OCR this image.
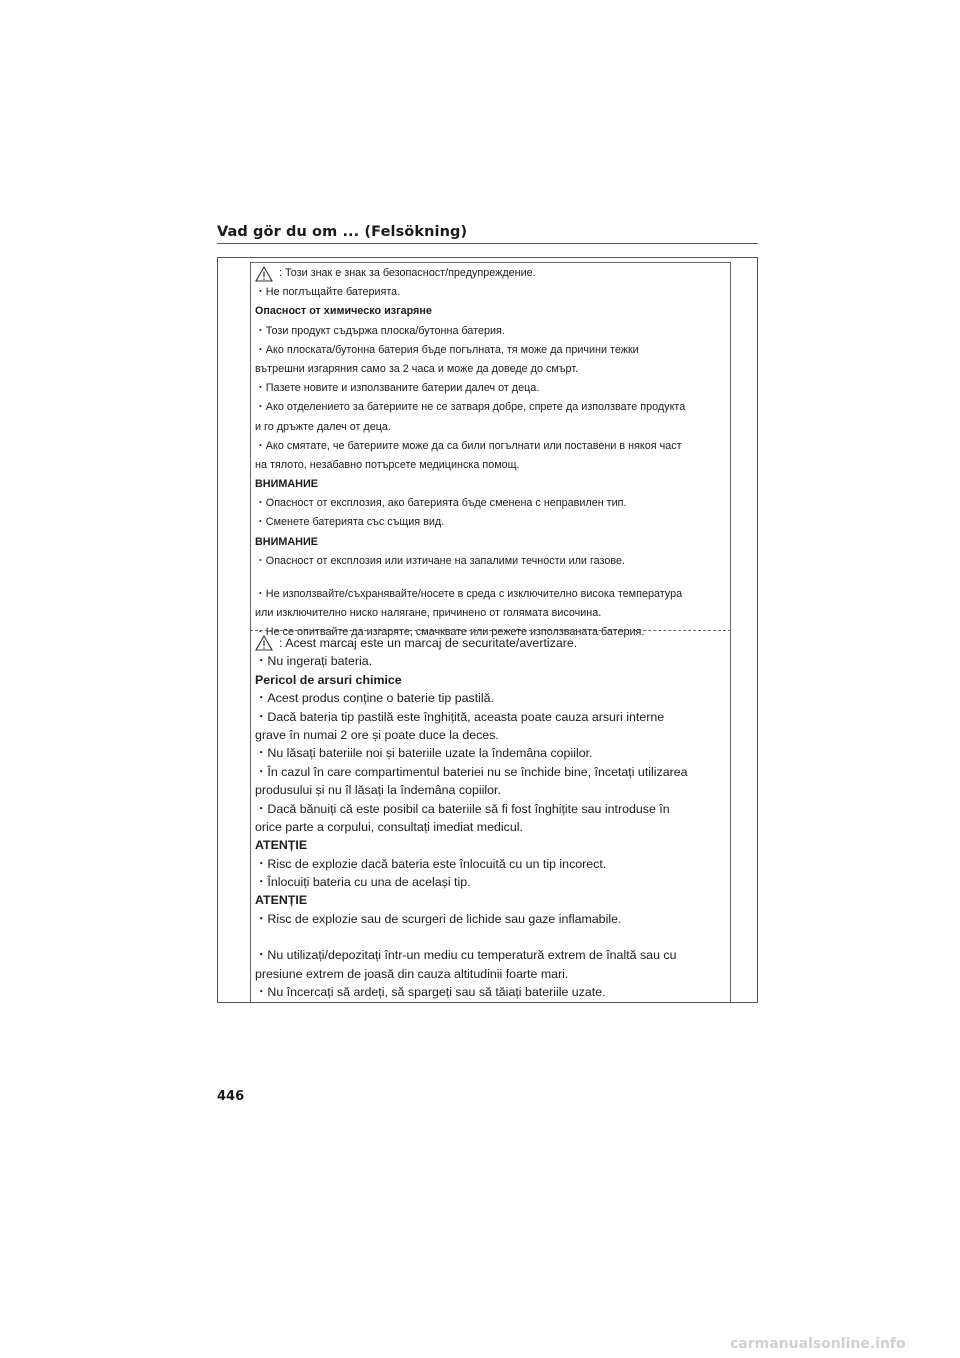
Vad gör du om ... (Felsökning)
: Този знак е знак за безопасност/предупреждение.
・Не поглъщайте батерията.
Опасност от химическо изгаряне
・Този продукт съдържа плоска/бутонна батерия.
・Ако плоската/бутонна батерия бъде погълната, тя може да причини тежки
вътрешни изгаряния само за 2 часа и може да доведе до смърт.
・Пазете новите и използваните батерии далеч от деца.
・Ако отделението за батериите не се затваря добре, спрете да използвате продукта
и го дръжте далеч от деца.
・Ако смятате, че батериите може да са били погълнати или поставени в някоя част
на тялото, незабавно потърсете медицинска помощ.
ВНИМАНИЕ
・Опасност от експлозия, ако батерията бъде сменена с неправилен тип.
・Сменете батерията със същия вид.
ВНИМАНИЕ
・Опасност от експлозия или изтичане на запалими течности или газове.
・Не използвайте/съхранявайте/носете в среда с изключително висока температура
или изключително ниско налягане, причинено от голямата височина.
・Не се опитвайте да изгаряте, смачквате или режете използваната батерия.
: Acest marcaj este un marcaj de securitate/avertizare.
・Nu ingerați bateria.
Pericol de arsuri chimice
・Acest produs conține o baterie tip pastilă.
・Dacă bateria tip pastilă este înghițită, aceasta poate cauza arsuri interne
grave în numai 2 ore și poate duce la deces.
・Nu lăsați bateriile noi și bateriile uzate la îndemâna copiilor.
・În cazul în care compartimentul bateriei nu se închide bine, încetați utilizarea
produsului și nu îl lăsați la îndemâna copiilor.
・Dacă bănuiți că este posibil ca bateriile să fi fost înghițite sau introduse în
orice parte a corpului, consultați imediat medicul.
ATENȚIE
・Risc de explozie dacă bateria este înlocuită cu un tip incorect.
・Înlocuiți bateria cu una de același tip.
ATENȚIE
・Risc de explozie sau de scurgeri de lichide sau gaze inflamabile.
・Nu utilizați/depozitați într-un mediu cu temperatură extrem de înaltă sau cu
presiune extrem de joasă din cauza altitudinii foarte mari.
・Nu încercați să ardeți, să spargeți sau să tăiați bateriile uzate.
446
carmanualsonline.info
